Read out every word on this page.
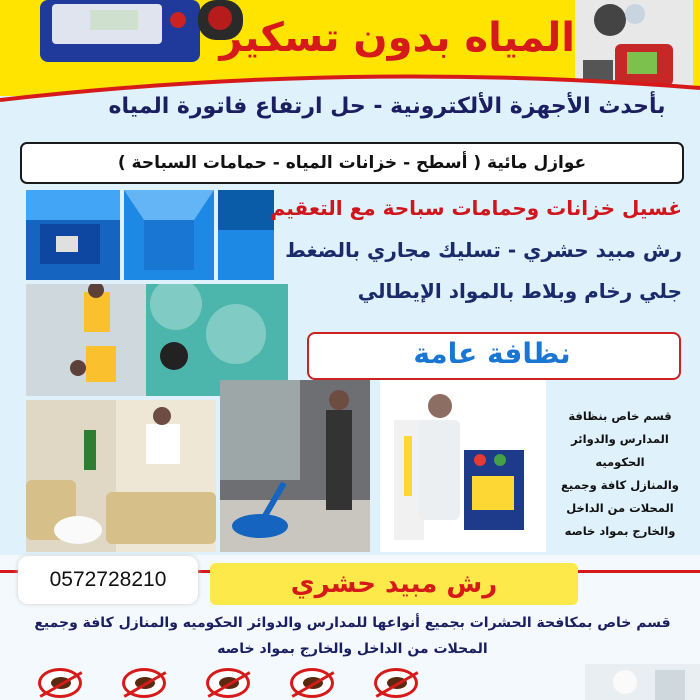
المياه بدون تسكير
بأحدث الأجهزة الألكترونية - حل ارتفاع فاتورة المياه
عوازل مائية ( أسطح - خزانات المياه - حمامات السباحة )
غسيل خزانات وحمامات سباحة مع التعقيم
رش مبيد حشري - تسليك مجاري بالضغط
جلي رخام وبلاط بالمواد الإيطالي
نظافة عامة
قسم خاص بنظافة
المدارس والدوائر الحكوميه
والمنازل كافة وجميع
المحلات من الداخل
والخارج بمواد خاصه
0572728210	رش مبيد حشري
قسم خاص بمكافحة الحشرات بجميع أنواعها للمدارس والدوائر الحكوميه والمنازل كافة وجميع المحلات من الداخل والخارج بمواد خاصه
